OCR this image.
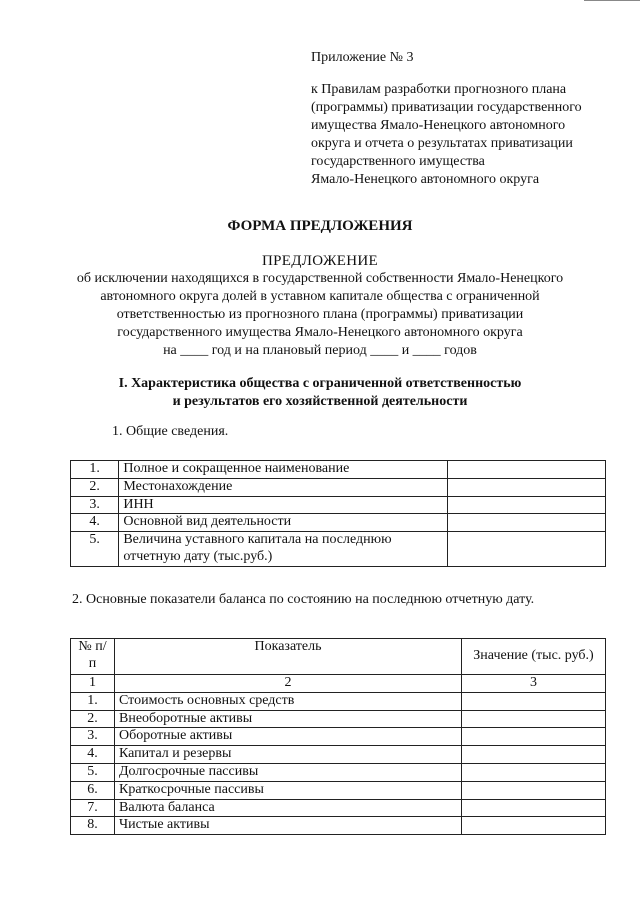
Приложение № 3
к Правилам разработки прогнозного плана
(программы) приватизации государственного
имущества Ямало-Ненецкого автономного
округа и отчета о результатах приватизации
государственного имущества
Ямало-Ненецкого автономного округа
ФОРМА ПРЕДЛОЖЕНИЯ
ПРЕДЛОЖЕНИЕ
об исключении находящихся в государственной собственности Ямало-Ненецкого
автономного округа долей в уставном капитале общества с ограниченной
ответственностью из прогнозного плана (программы) приватизации
государственного имущества Ямало-Ненецкого автономного округа
на ____ год и на плановый период ____ и ____ годов
I. Характеристика общества с ограниченной ответственностью
и результатов его хозяйственной деятельности
1. Общие сведения.
1.	Полное и сокращенное наименование	
2.	Местонахождение	
3.	ИНН	
4.	Основной вид деятельности	
5.	Величина уставного капитала на последнюю отчетную дату (тыс.руб.)	
2. Основные показатели баланса по состоянию на последнюю отчетную дату.
№ п/п	Показатель	Значение (тыс. руб.)
1	2	3
1.	Стоимость основных средств	
2.	Внеоборотные активы	
3.	Оборотные активы	
4.	Капитал и резервы	
5.	Долгосрочные пассивы	
6.	Краткосрочные пассивы	
7.	Валюта баланса	
8.	Чистые активы	
